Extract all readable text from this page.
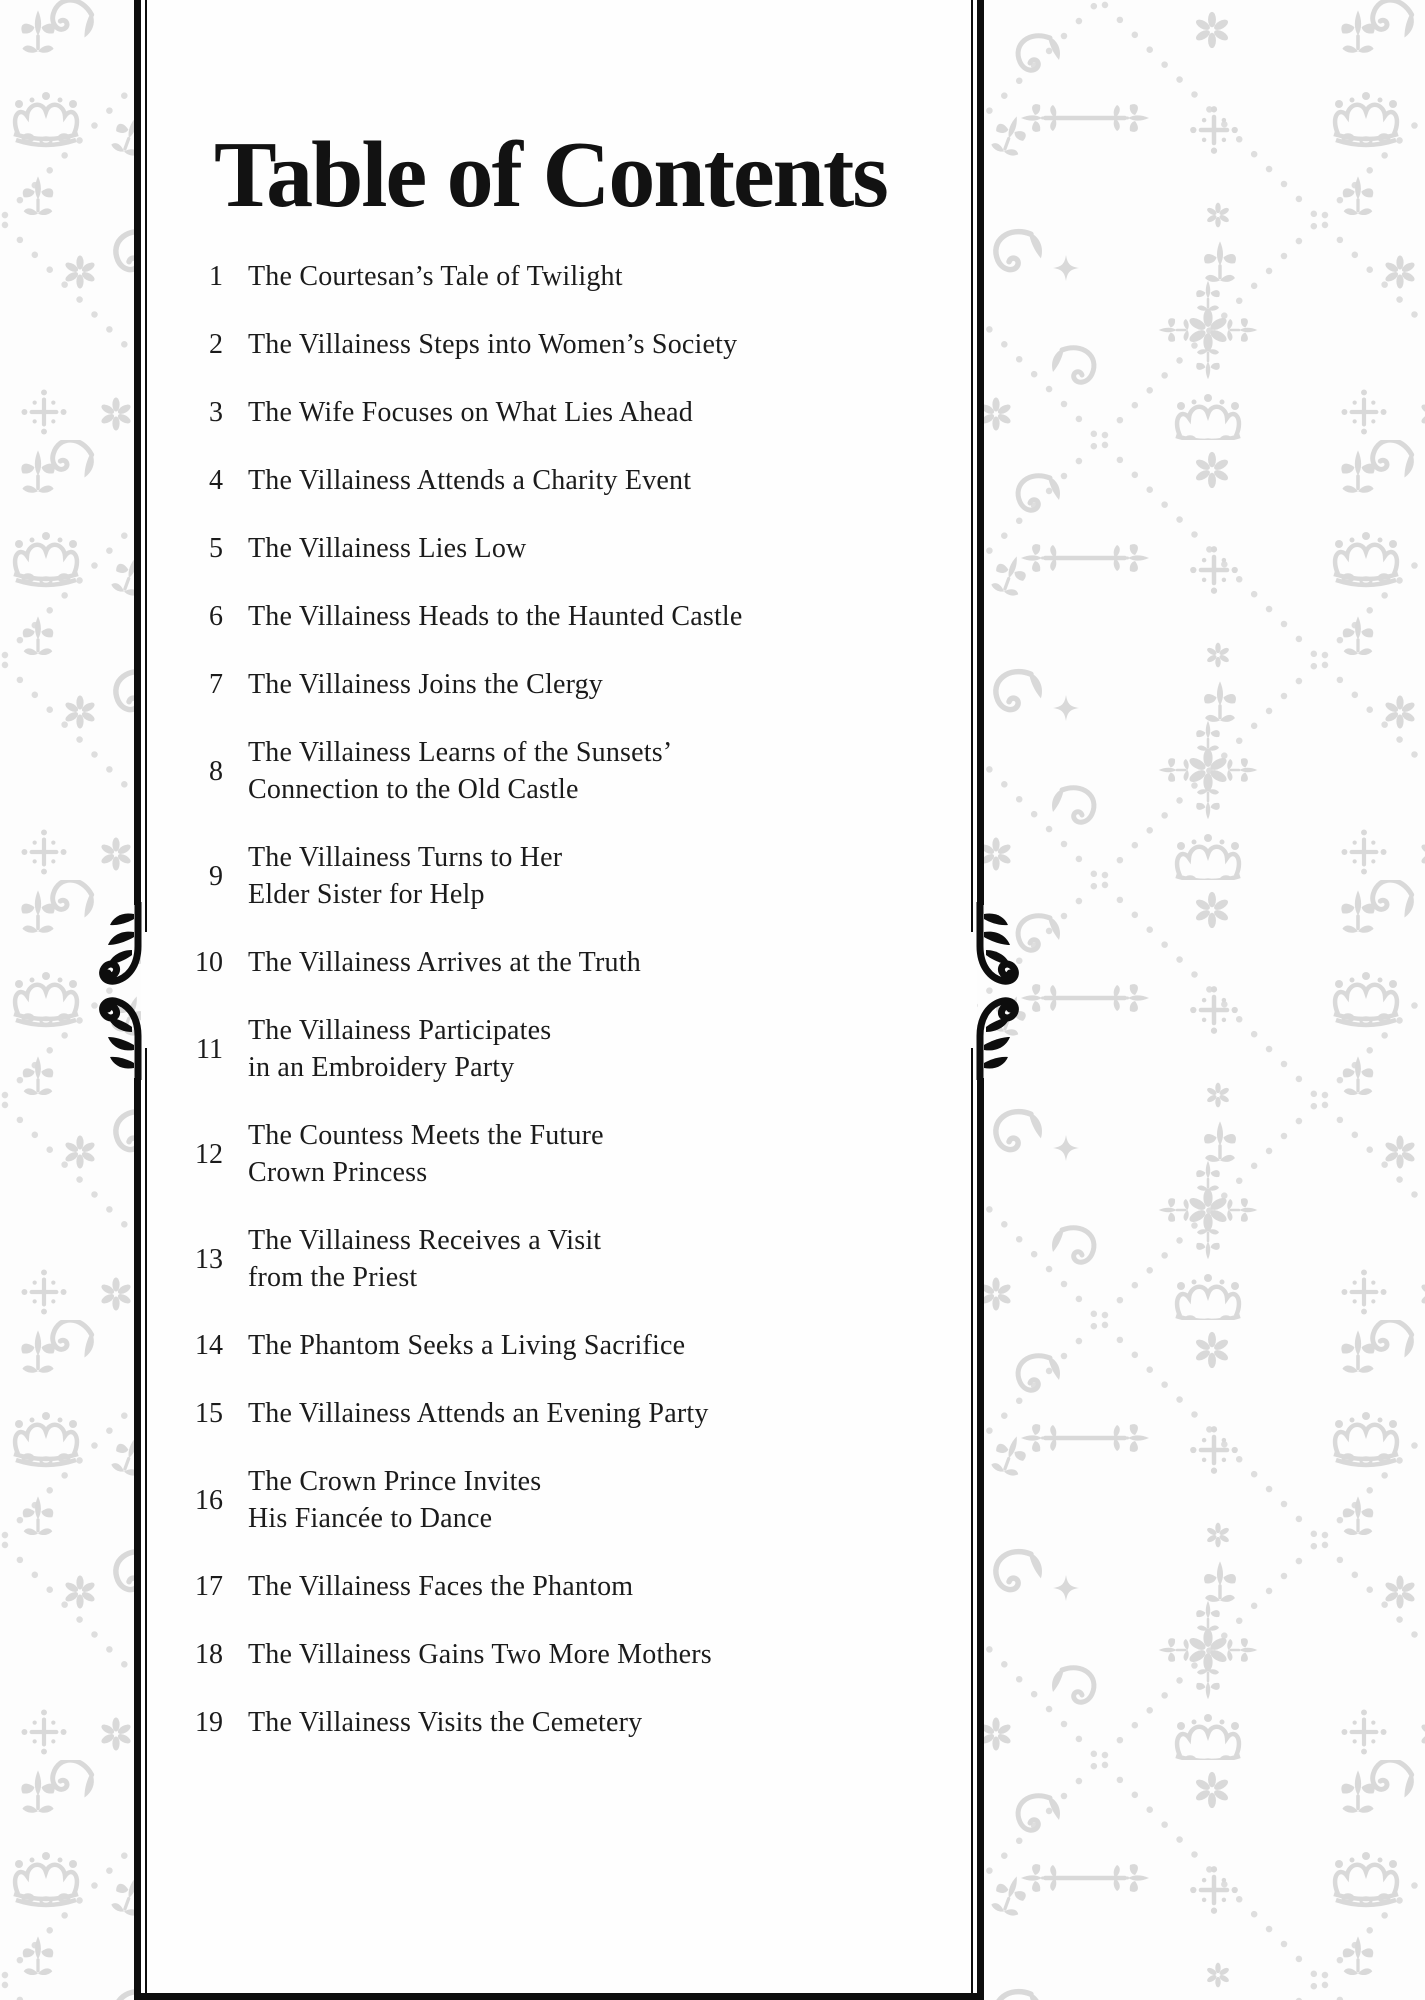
Table of Contents
1 The Courtesan’s Tale of Twilight
2 The Villainess Steps into Women’s Society
3 The Wife Focuses on What Lies Ahead
4 The Villainess Attends a Charity Event
5 The Villainess Lies Low
6 The Villainess Heads to the Haunted Castle
7 The Villainess Joins the Clergy
8
The Villainess Learns of the Sunsets’
Connection to the Old Castle
9
The Villainess Turns to Her
Elder Sister for Help
10 The Villainess Arrives at the Truth
11
The Villainess Participates
in an Embroidery Party
12
The Countess Meets the Future
Crown Princess
13
The Villainess Receives a Visit
from the Priest
14 The Phantom Seeks a Living Sacrifice
15 The Villainess Attends an Evening Party
16
The Crown Prince Invites
His Fiancée to Dance
17 The Villainess Faces the Phantom
18 The Villainess Gains Two More Mothers
19 The Villainess Visits the Cemetery
